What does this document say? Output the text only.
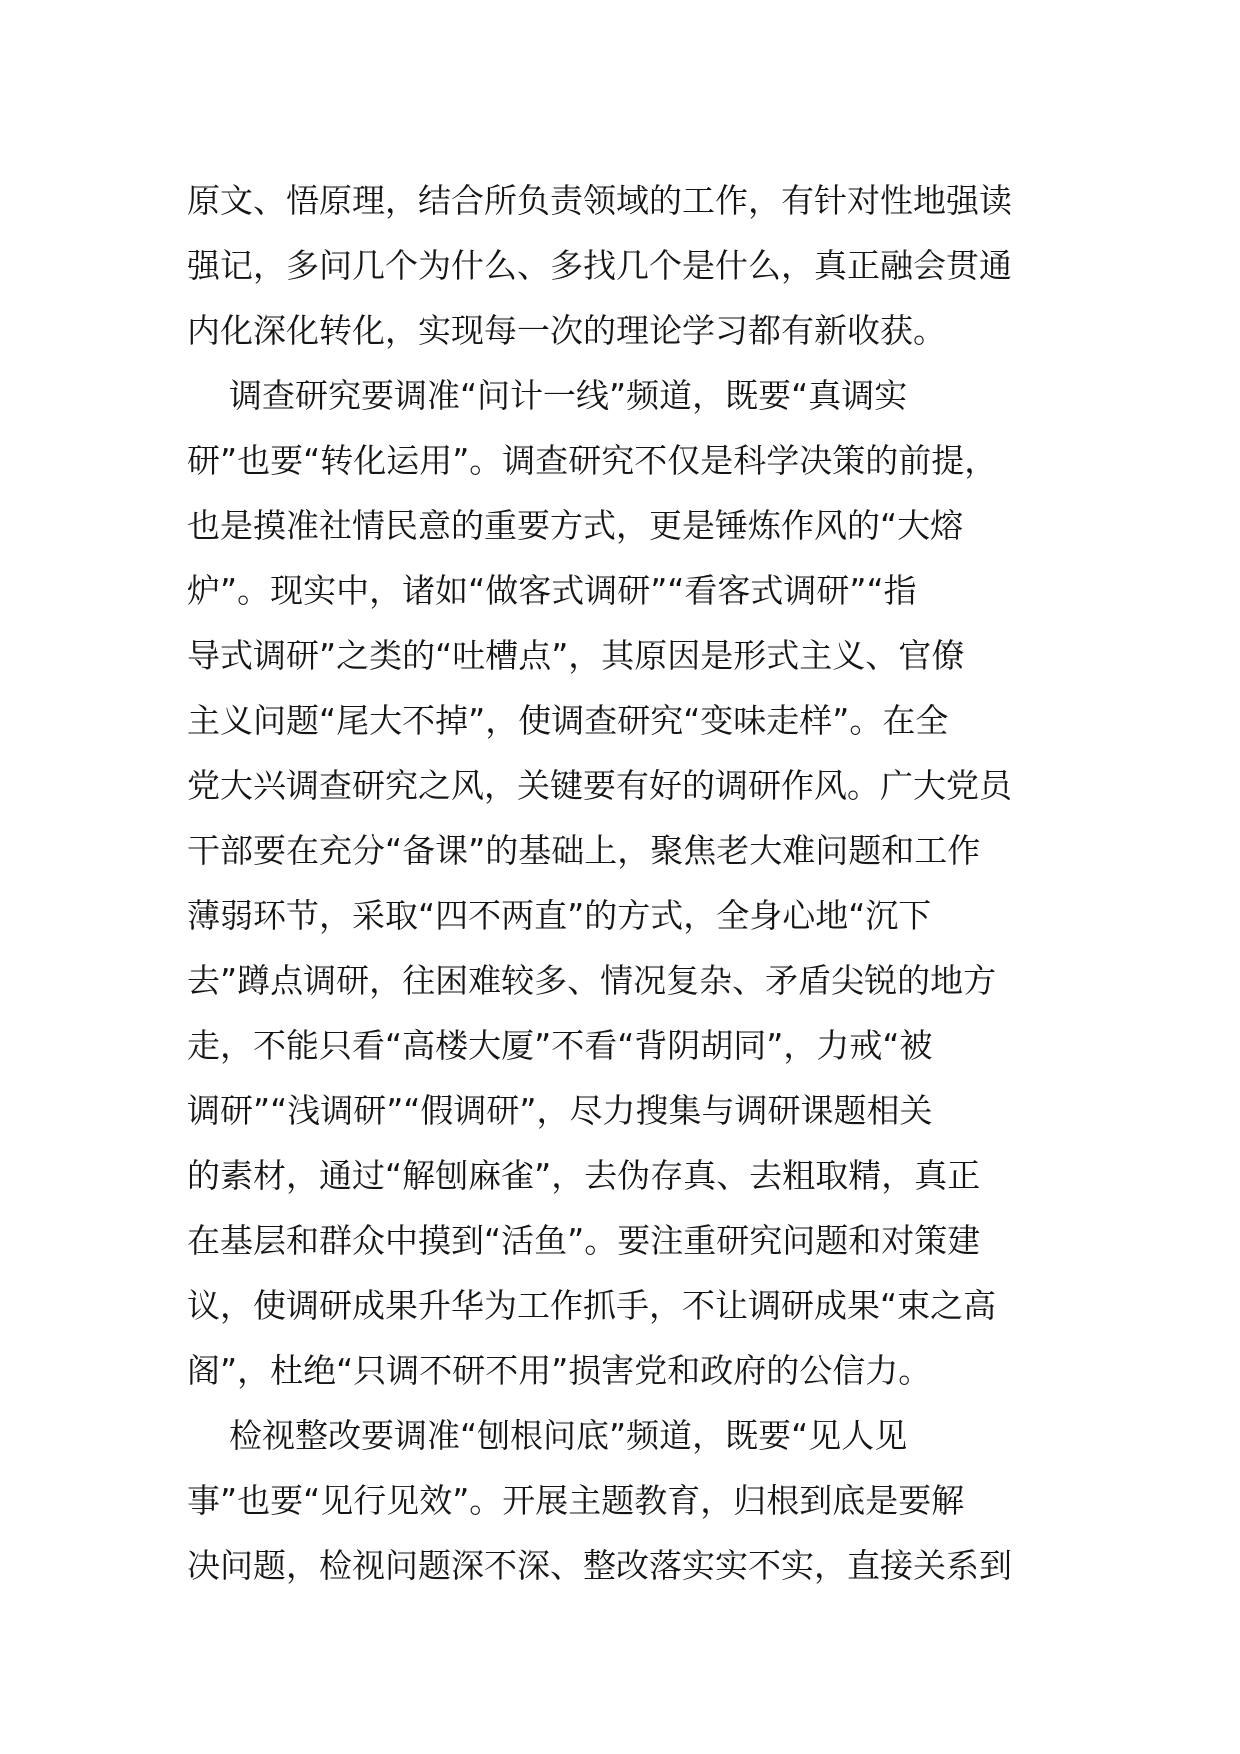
原文、悟原理，结合所负责领域的工作，有针对性地强读
强记，多问几个为什么、多找几个是什么，真正融会贯通
内化深化转化，实现每一次的理论学习都有新收获。
调查研究要调准“问计一线”频道，既要“真调实
研”也要“转化运用”。调查研究不仅是科学决策的前提，
也是摸准社情民意的重要方式，更是锤炼作风的“大熔
炉”。现实中，诸如“做客式调研”“看客式调研”“指
导式调研”之类的“吐槽点”，其原因是形式主义、官僚
主义问题“尾大不掉”，使调查研究“变味走样”。在全
党大兴调查研究之风，关键要有好的调研作风。广大党员
干部要在充分“备课”的基础上，聚焦老大难问题和工作
薄弱环节，采取“四不两直”的方式，全身心地“沉下
去”蹲点调研，往困难较多、情况复杂、矛盾尖锐的地方
走，不能只看“高楼大厦”不看“背阴胡同”，力戒“被
调研”“浅调研”“假调研”，尽力搜集与调研课题相关
的素材，通过“解刨麻雀”，去伪存真、去粗取精，真正
在基层和群众中摸到“活鱼”。要注重研究问题和对策建
议，使调研成果升华为工作抓手，不让调研成果“束之高
阁”，杜绝“只调不研不用”损害党和政府的公信力。
检视整改要调准“刨根问底”频道，既要“见人见
事”也要“见行见效”。开展主题教育，归根到底是要解
决问题，检视问题深不深、整改落实实不实，直接关系到
